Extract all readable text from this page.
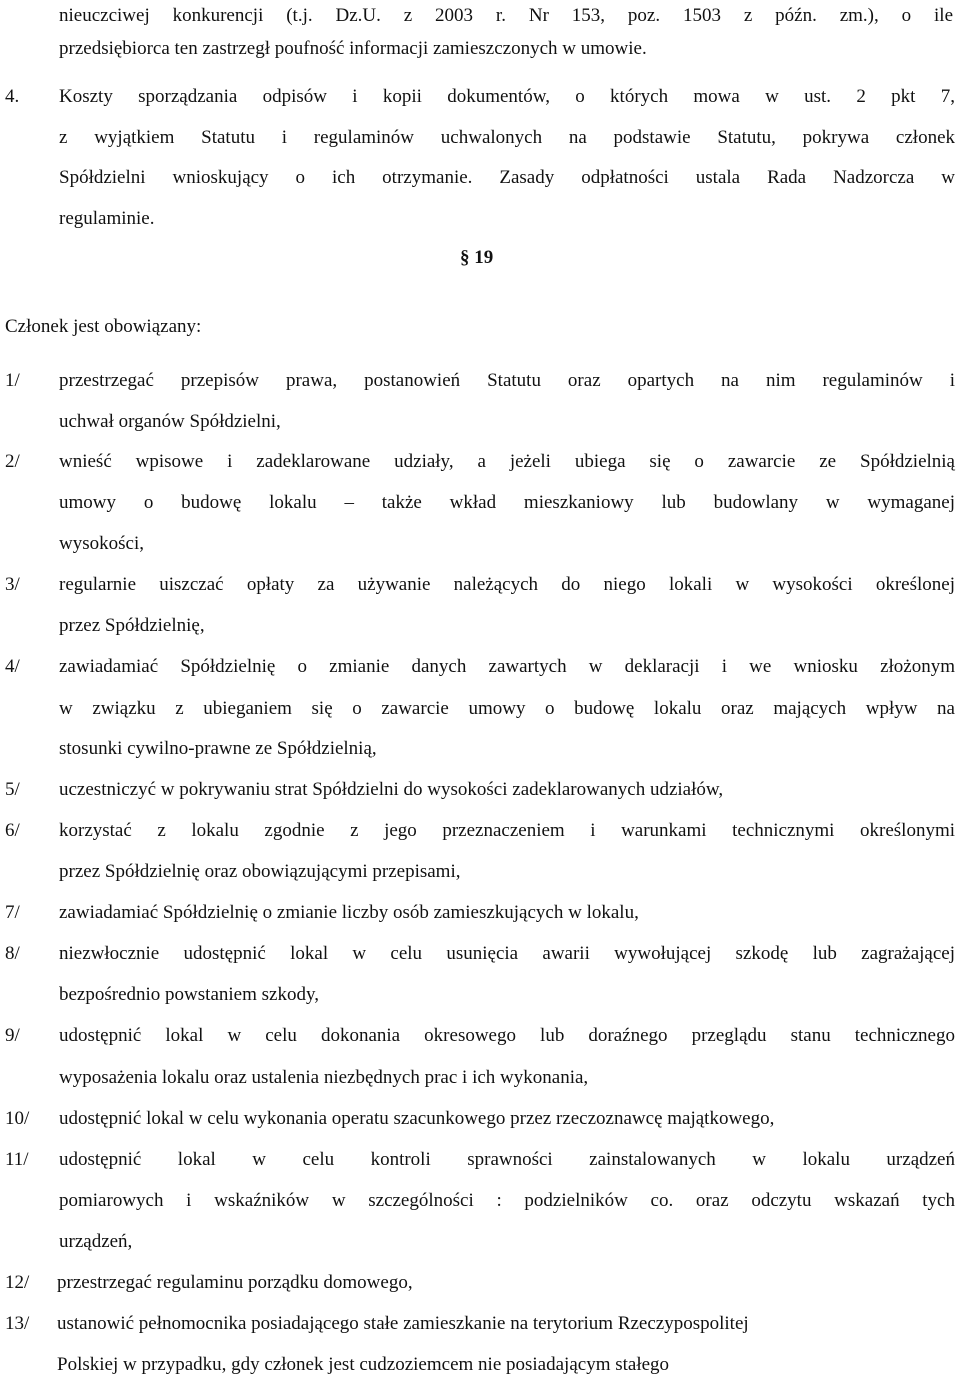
nieuczciwej konkurencji (t.j. Dz.U. z 2003 r. Nr 153, poz. 1503 z późn. zm.), o ile
przedsiębiorca ten zastrzegł poufność informacji zamieszczonych w umowie.
4.	Koszty sporządzania odpisów i kopii dokumentów, o których mowa w ust. 2 pkt 7,
z wyjątkiem Statutu i regulaminów uchwalonych na podstawie Statutu, pokrywa członek
Spółdzielni wnioskujący o ich otrzymanie. Zasady odpłatności ustala Rada Nadzorcza w
regulaminie.
§ 19
Członek jest obowiązany:
1/	przestrzegać przepisów prawa, postanowień Statutu oraz opartych na nim regulaminów i
uchwał organów Spółdzielni,
2/	wnieść wpisowe i zadeklarowane udziały, a jeżeli ubiega się o zawarcie ze Spółdzielnią
umowy o budowę lokalu – także wkład mieszkaniowy lub budowlany w wymaganej
wysokości,
3/	regularnie uiszczać opłaty za używanie należących do niego lokali w wysokości określonej
przez Spółdzielnię,
4/	zawiadamiać Spółdzielnię o zmianie danych zawartych w deklaracji i we wniosku złożonym
w związku z ubieganiem się o zawarcie umowy o budowę lokalu oraz mających wpływ na
stosunki cywilno-prawne ze Spółdzielnią,
5/	uczestniczyć w pokrywaniu strat Spółdzielni do wysokości zadeklarowanych udziałów,
6/	korzystać z lokalu zgodnie z jego przeznaczeniem i warunkami technicznymi określonymi
przez Spółdzielnię oraz obowiązującymi przepisami,
7/	zawiadamiać Spółdzielnię o zmianie liczby osób zamieszkujących w lokalu,
8/	niezwłocznie udostępnić lokal w celu usunięcia awarii wywołującej szkodę lub zagrażającej
bezpośrednio powstaniem szkody,
9/	udostępnić lokal w celu dokonania okresowego lub doraźnego przeglądu stanu technicznego
wyposażenia lokalu oraz ustalenia niezbędnych prac i ich wykonania,
10/	udostępnić lokal w celu wykonania operatu szacunkowego przez rzeczoznawcę majątkowego,
11/	udostępnić lokal w celu kontroli sprawności zainstalowanych w lokalu urządzeń
pomiarowych i wskaźników w szczególności : podzielników co. oraz odczytu wskazań tych
urządzeń,
12/	przestrzegać regulaminu porządku domowego,
13/	ustanowić pełnomocnika posiadającego stałe zamieszkanie na terytorium Rzeczypospolitej
Polskiej w przypadku, gdy członek jest cudzoziemcem nie posiadającym stałego
